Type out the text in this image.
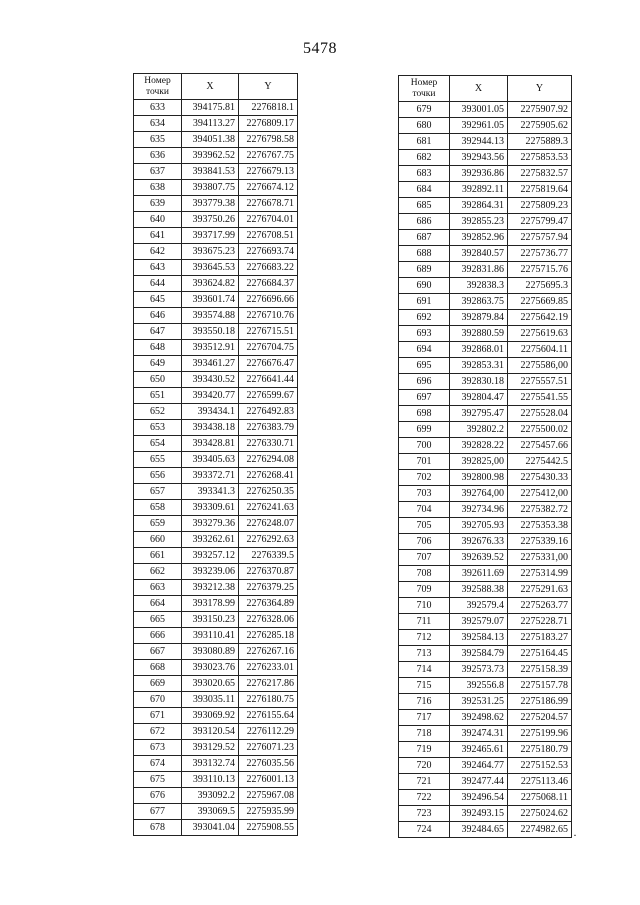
5478
Номер
точки	X	Y
633	394175.81	2276818.1
634	394113.27	2276809.17
635	394051.38	2276798.58
636	393962.52	2276767.75
637	393841.53	2276679.13
638	393807.75	2276674.12
639	393779.38	2276678.71
640	393750.26	2276704.01
641	393717.99	2276708.51
642	393675.23	2276693.74
643	393645.53	2276683.22
644	393624.82	2276684.37
645	393601.74	2276696.66
646	393574.88	2276710.76
647	393550.18	2276715.51
648	393512.91	2276704.75
649	393461.27	2276676.47
650	393430.52	2276641.44
651	393420.77	2276599.67
652	393434.1	2276492.83
653	393438.18	2276383.79
654	393428.81	2276330.71
655	393405.63	2276294.08
656	393372.71	2276268.41
657	393341.3	2276250.35
658	393309.61	2276241.63
659	393279.36	2276248.07
660	393262.61	2276292.63
661	393257.12	2276339.5
662	393239.06	2276370.87
663	393212.38	2276379.25
664	393178.99	2276364.89
665	393150.23	2276328.06
666	393110.41	2276285.18
667	393080.89	2276267.16
668	393023.76	2276233.01
669	393020.65	2276217.86
670	393035.11	2276180.75
671	393069.92	2276155.64
672	393120.54	2276112.29
673	393129.52	2276071.23
674	393132.74	2276035.56
675	393110.13	2276001.13
676	393092.2	2275967.08
677	393069.5	2275935.99
678	393041.04	2275908.55
Номер
точки	X	Y
679	393001.05	2275907.92
680	392961.05	2275905.62
681	392944.13	2275889.3
682	392943.56	2275853.53
683	392936.86	2275832.57
684	392892.11	2275819.64
685	392864.31	2275809.23
686	392855.23	2275799.47
687	392852.96	2275757.94
688	392840.57	2275736.77
689	392831.86	2275715.76
690	392838.3	2275695.3
691	392863.75	2275669.85
692	392879.84	2275642.19
693	392880.59	2275619.63
694	392868.01	2275604.11
695	392853.31	2275586,00
696	392830.18	2275557.51
697	392804.47	2275541.55
698	392795.47	2275528.04
699	392802.2	2275500.02
700	392828.22	2275457.66
701	392825,00	2275442.5
702	392800.98	2275430.33
703	392764,00	2275412,00
704	392734.96	2275382.72
705	392705.93	2275353.38
706	392676.33	2275339.16
707	392639.52	2275331,00
708	392611.69	2275314.99
709	392588.38	2275291.63
710	392579.4	2275263.77
711	392579.07	2275228.71
712	392584.13	2275183.27
713	392584.79	2275164.45
714	392573.73	2275158.39
715	392556.8	2275157.78
716	392531.25	2275186.99
717	392498.62	2275204.57
718	392474.31	2275199.96
719	392465.61	2275180.79
720	392464.77	2275152.53
721	392477.44	2275113.46
722	392496.54	2275068.11
723	392493.15	2275024.62
724	392484.65	2274982.65 ·
